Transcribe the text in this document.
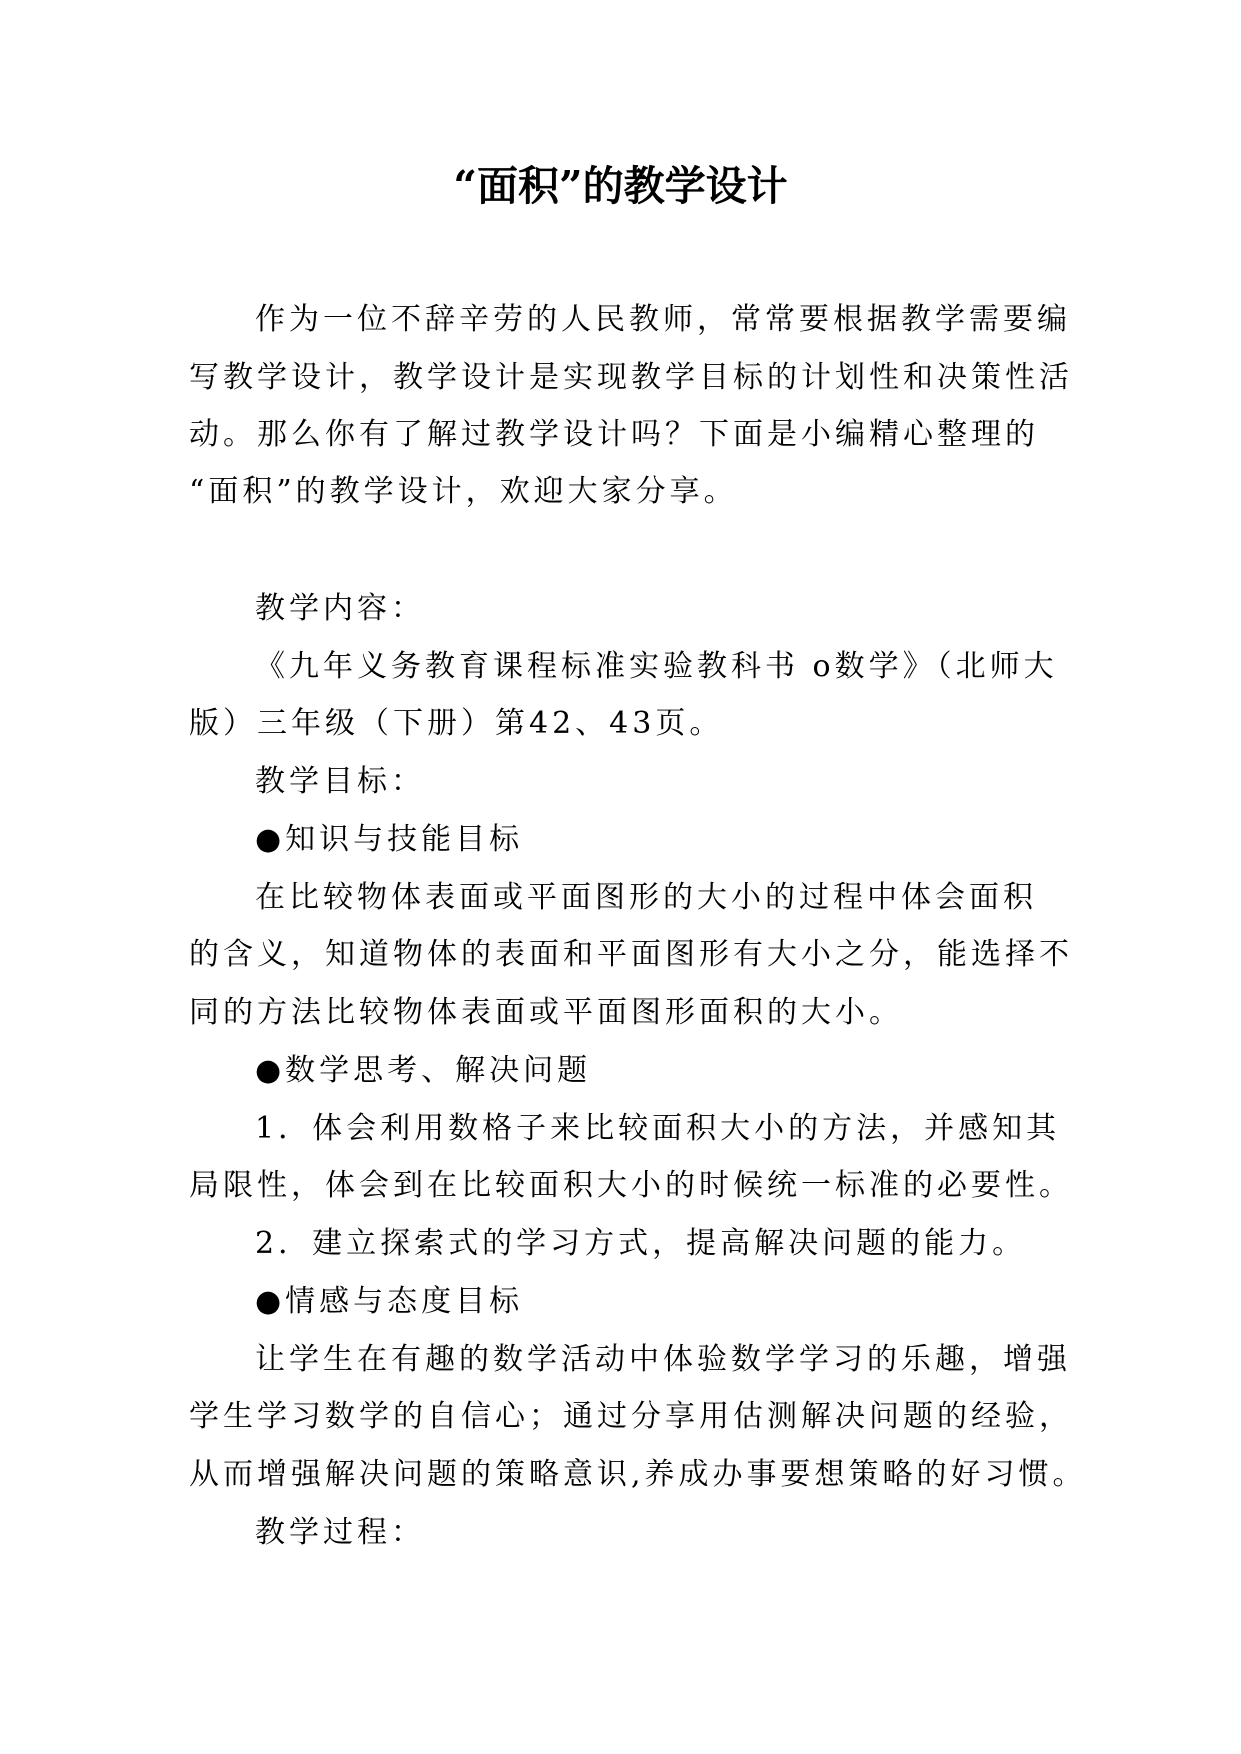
“面积”的教学设计
作为一位不辞辛劳的人民教师，常常要根据教学需要编
写教学设计，教学设计是实现教学目标的计划性和决策性活
动。那么你有了解过教学设计吗？下面是小编精心整理的
“面积”的教学设计，欢迎大家分享。
教学内容：
《九年义务教育课程标准实验教科书 o数学》（北师大
版）三年级（下册）第42、43页。
教学目标：
●知识与技能目标
在比较物体表面或平面图形的大小的过程中体会面积
的含义，知道物体的表面和平面图形有大小之分，能选择不
同的方法比较物体表面或平面图形面积的大小。
●数学思考、解决问题
1．体会利用数格子来比较面积大小的方法，并感知其
局限性，体会到在比较面积大小的时候统一标准的必要性。
2．建立探索式的学习方式，提高解决问题的能力。
●情感与态度目标
让学生在有趣的数学活动中体验数学学习的乐趣，增强
学生学习数学的自信心；通过分享用估测解决问题的经验，
从而增强解决问题的策略意识,养成办事要想策略的好习惯。
教学过程：
